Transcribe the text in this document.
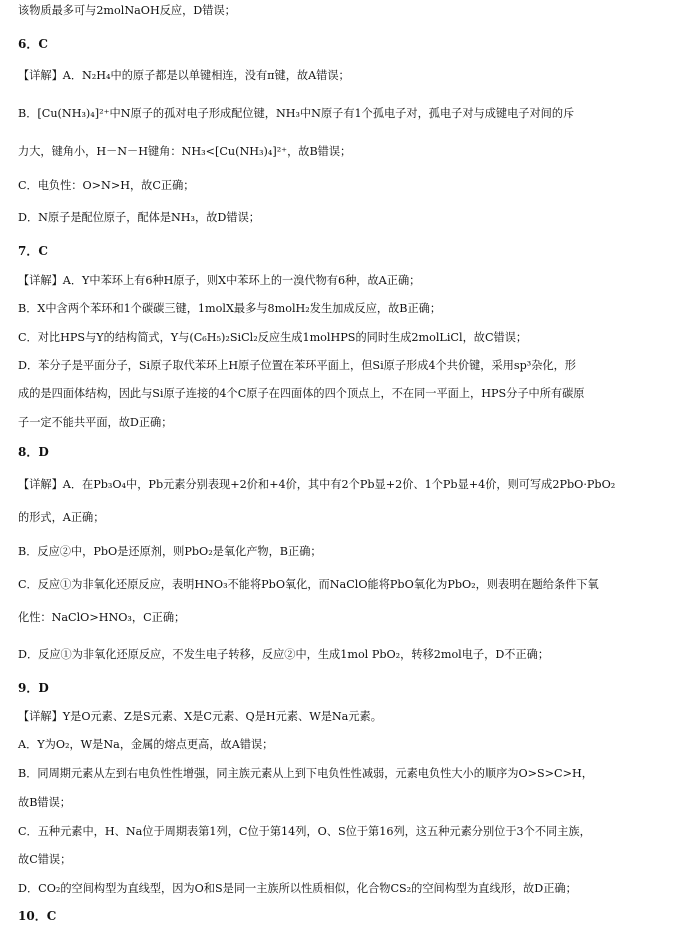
该物质最多可与2molNaOH反应，D错误；
6．C
【详解】A．N₂H₄中的原子都是以单键相连，没有π键，故A错误；
B．[Cu(NH₃)₄]²⁺中N原子的孤对电子形成配位键，NH₃中N原子有1个孤电子对，孤电子对与成键电子对间的斥
力大，键角小，H－N－H键角：NH₃<[Cu(NH₃)₄]²⁺，故B错误；
C．电负性：O>N>H，故C正确；
D．N原子是配位原子，配体是NH₃，故D错误；
7．C
【详解】A．Y中苯环上有6种H原子，则X中苯环上的一溴代物有6种，故A正确；
B．X中含两个苯环和1个碳碳三键，1molX最多与8molH₂发生加成反应，故B正确；
C．对比HPS与Y的结构简式，Y与(C₆H₅)₂SiCl₂反应生成1molHPS的同时生成2molLiCl，故C错误；
D．苯分子是平面分子，Si原子取代苯环上H原子位置在苯环平面上，但Si原子形成4个共价键，采用sp³杂化，形
成的是四面体结构，因此与Si原子连接的4个C原子在四面体的四个顶点上，不在同一平面上，HPS分子中所有碳原
子一定不能共平面，故D正确；
8．D
【详解】A．在Pb₃O₄中，Pb元素分别表现+2价和+4价，其中有2个Pb显+2价、1个Pb显+4价，则可写成2PbO·PbO₂
的形式，A正确；
B．反应②中，PbO是还原剂，则PbO₂是氧化产物，B正确；
C．反应①为非氧化还原反应，表明HNO₃不能将PbO氧化，而NaClO能将PbO氧化为PbO₂，则表明在题给条件下氧
化性：NaClO>HNO₃，C正确；
D．反应①为非氧化还原反应，不发生电子转移，反应②中，生成1mol PbO₂，转移2mol电子，D不正确；
9．D
【详解】Y是O元素、Z是S元素、X是C元素、Q是H元素、W是Na元素。
A．Y为O₂，W是Na，金属的熔点更高，故A错误；
B．同周期元素从左到右电负性性增强，同主族元素从上到下电负性性减弱，元素电负性大小的顺序为O>S>C>H，
故B错误；
C．五种元素中，H、Na位于周期表第1列，C位于第14列，O、S位于第16列，这五种元素分别位于3个不同主族，
故C错误；
D．CO₂的空间构型为直线型，因为O和S是同一主族所以性质相似，化合物CS₂的空间构型为直线形，故D正确；
10．C
